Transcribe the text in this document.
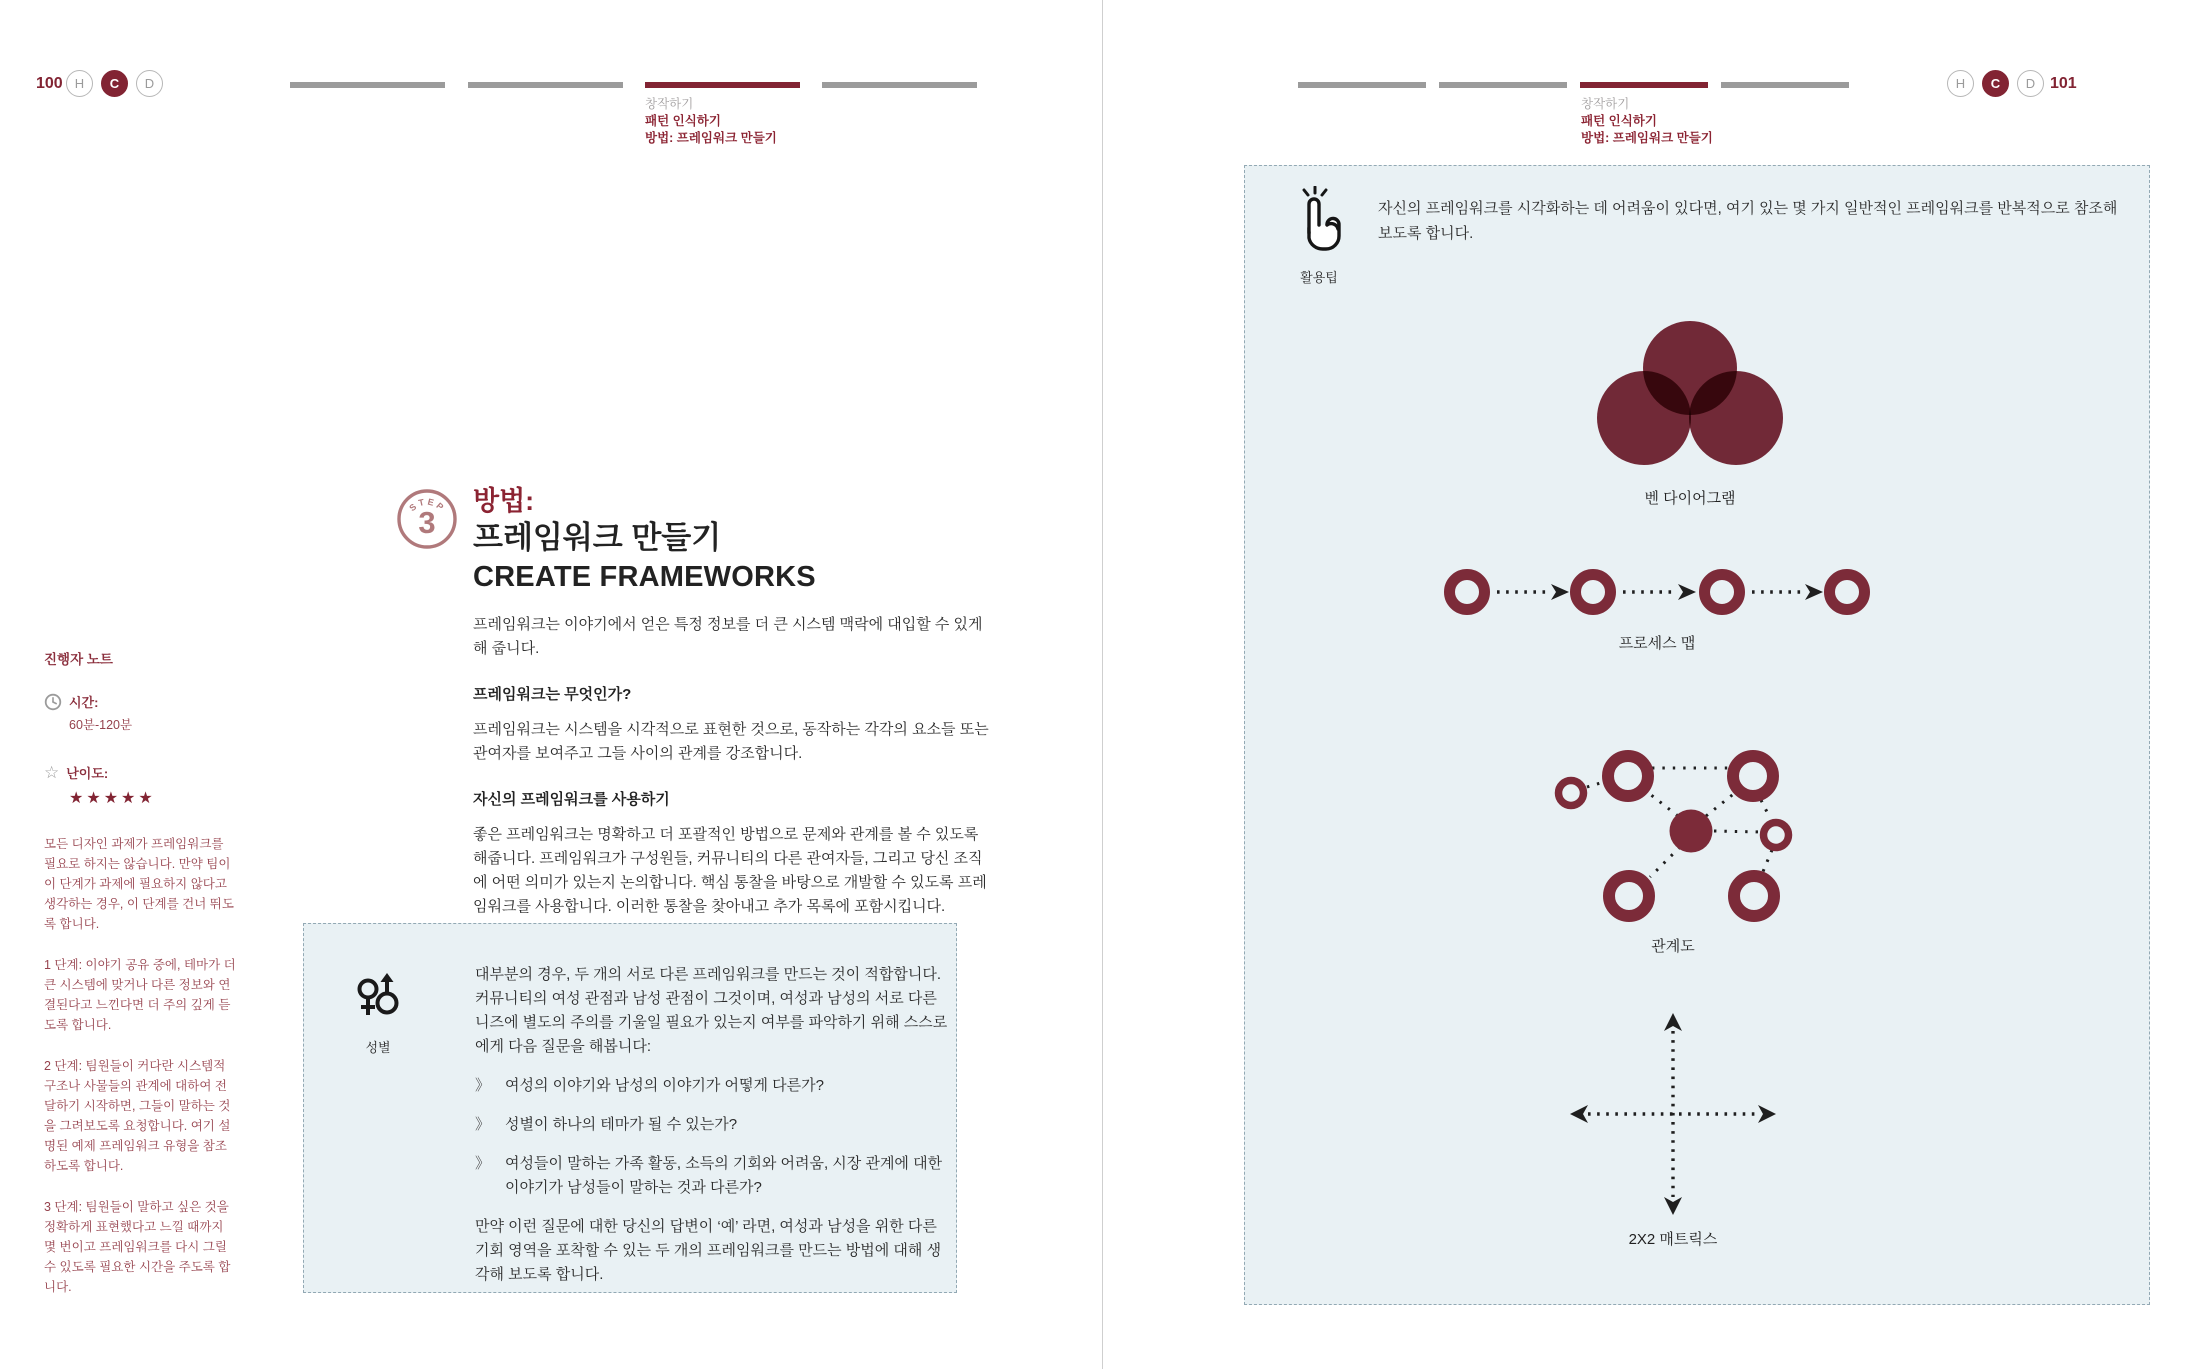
100 H	C	D
창작하기
패턴 인식하기
방법: 프레임워크 만들기
진행자 노트
시간:
60분-120분
☆ 난이도:
★★★★★
모든 디자인 과제가 프레임워크를 필요로 하지는 않습니다. 만약 팀이 이 단계가 과제에 필요하지 않다고 생각하는 경우, 이 단계를 건너 뛰도록 합니다.
1 단계: 이야기 공유 중에, 테마가 더 큰 시스템에 맞거나 다른 정보와 연결된다고 느낀다면 더 주의 깊게 듣도록 합니다.
2 단계: 팀원들이 커다란 시스템적 구조나 사물들의 관계에 대하여 전달하기 시작하면, 그들이 말하는 것을 그려보도록 요청합니다. 여기 설명된 예제 프레임워크 유형을 참조하도록 합니다.
3 단계: 팀원들이 말하고 싶은 것을 정확하게 표현했다고 느낄 때까지 몇 번이고 프레임워크를 다시 그릴 수 있도록 필요한 시간을 주도록 합니다.
STEP
3
방법:
프레임워크 만들기
CREATE FRAMEWORKS
프레임워크는 이야기에서 얻은 특정 정보를 더 큰 시스템 맥락에 대입할 수 있게 해 줍니다.
프레임워크는 무엇인가?
프레임워크는 시스템을 시각적으로 표현한 것으로, 동작하는 각각의 요소들 또는 관여자를 보여주고 그들 사이의 관계를 강조합니다.
자신의 프레임워크를 사용하기
좋은 프레임워크는 명확하고 더 포괄적인 방법으로 문제와 관계를 볼 수 있도록 해줍니다. 프레임워크가 구성원들, 커뮤니티의 다른 관여자들, 그리고 당신 조직에 어떤 의미가 있는지 논의합니다. 핵심 통찰을 바탕으로 개발할 수 있도록 프레임워크를 사용합니다. 이러한 통찰을 찾아내고 추가 목록에 포함시킵니다.
성별
대부분의 경우, 두 개의 서로 다른 프레임워크를 만드는 것이 적합합니다. 커뮤니티의 여성 관점과 남성 관점이 그것이며, 여성과 남성의 서로 다른 니즈에 별도의 주의를 기울일 필요가 있는지 여부를 파악하기 위해 스스로에게 다음 질문을 해봅니다:
》 여성의 이야기와 남성의 이야기가 어떻게 다른가?
》 성별이 하나의 테마가 될 수 있는가?
》 여성들이 말하는 가족 활동, 소득의 기회와 어려움, 시장 관계에 대한 이야기가 남성들이 말하는 것과 다른가?
만약 이런 질문에 대한 당신의 답변이 ‘예’ 라면, 여성과 남성을 위한 다른 기회 영역을 포착할 수 있는 두 개의 프레임워크를 만드는 방법에 대해 생각해 보도록 합니다.
창작하기
패턴 인식하기
방법: 프레임워크 만들기
H	C	D 101
활용팁
자신의 프레임워크를 시각화하는 데 어려움이 있다면, 여기 있는 몇 가지 일반적인 프레임워크를 반복적으로 참조해 보도록 합니다.
벤 다이어그램
프로세스 맵
관계도
2X2 매트릭스
